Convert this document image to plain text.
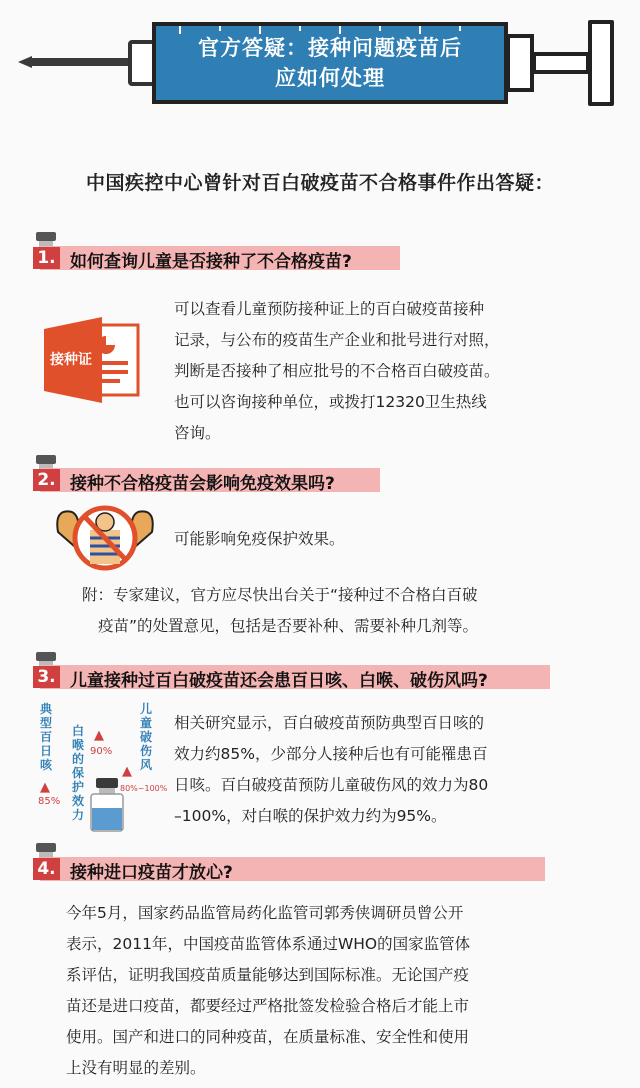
官方答疑：接种问题疫苗后
应如何处理
中国疾控中心曾针对百白破疫苗不合格事件作出答疑：
1. 如何查询儿童是否接种了不合格疫苗?
接种证
可以查看儿童预防接种证上的百白破疫苗接种
记录，与公布的疫苗生产企业和批号进行对照，
判断是否接种了相应批号的不合格百白破疫苗。
也可以咨询接种单位，或拨打12320卫生热线
咨询。
2. 接种不合格疫苗会影响免疫效果吗?
可能影响免疫保护效果。
附：专家建议，官方应尽快出台关于“接种过不合格白百破
疫苗”的处置意见，包括是否要补种、需要补种几剂等。
3. 儿童接种过百白破疫苗还会患百日咳、白喉、破伤风吗?
典型百日咳
▲
85%
白喉的保护效力
▲
90%
儿童破伤风
▲
80%~100%
相关研究显示，百白破疫苗预防典型百日咳的
效力约85%，少部分人接种后也有可能罹患百
日咳。百白破疫苗预防儿童破伤风的效力为80
–100%，对白喉的保护效力约为95%。
4. 接种进口疫苗才放心?
今年5月，国家药品监管局药化监管司郭秀侠调研员曾公开
表示，2011年，中国疫苗监管体系通过WHO的国家监管体
系评估，证明我国疫苗质量能够达到国际标准。无论国产疫
苗还是进口疫苗，都要经过严格批签发检验合格后才能上市
使用。国产和进口的同种疫苗，在质量标准、安全性和使用
上没有明显的差别。
